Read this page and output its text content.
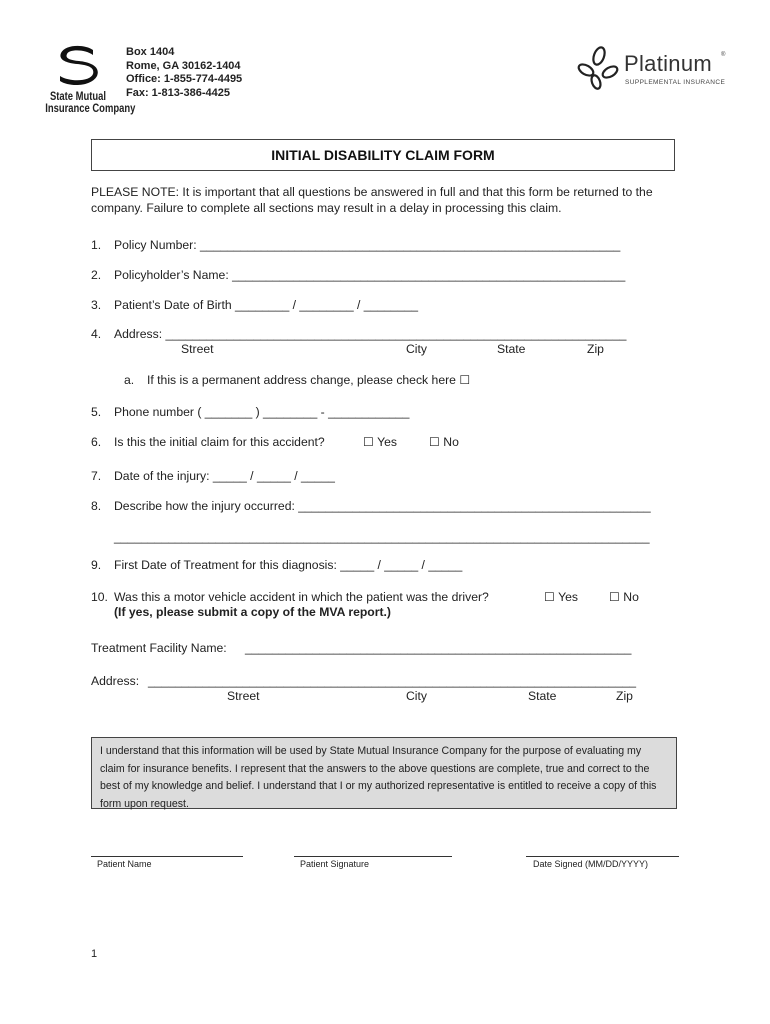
State Mutual
Insurance Company
Box 1404
Rome, GA 30162-1404
Office: 1-855-774-4495
Fax: 1-813-386-4425
Platinum ®
SUPPLEMENTAL INSURANCE
INITIAL DISABILITY CLAIM FORM
PLEASE NOTE: It is important that all questions be answered in full and that this form be returned to the company. Failure to complete all sections may result in a delay in processing this claim.
1. Policy Number: ______________________________________________________________
2. Policyholder’s Name: __________________________________________________________
3. Patient’s Date of Birth ________ / ________ / ________
4. Address: ____________________________________________________________________
Street	City	State	Zip
a. If this is a permanent address change, please check here ☐
5. Phone number ( _______ ) ________ - ____________
6. Is this the initial claim for this accident?	☐ Yes	☐ No
7. Date of the injury: _____ / _____ / _____
8. Describe how the injury occurred: ____________________________________________________
_______________________________________________________________________________
9. First Date of Treatment for this diagnosis: _____ / _____ / _____
10. Was this a motor vehicle accident in which the patient was the driver?	☐ Yes	☐ No
(If yes, please submit a copy of the MVA report.)
Treatment Facility Name: _________________________________________________________
Address: ________________________________________________________________________
Street	City	State	Zip
I understand that this information will be used by State Mutual Insurance Company for the purpose of evaluating my claim for insurance benefits. I represent that the answers to the above questions are complete, true and correct to the best of my knowledge and belief. I understand that I or my authorized representative is entitled to receive a copy of this form upon request.
Patient Name	Patient Signature	Date Signed (MM/DD/YYYY)
1
